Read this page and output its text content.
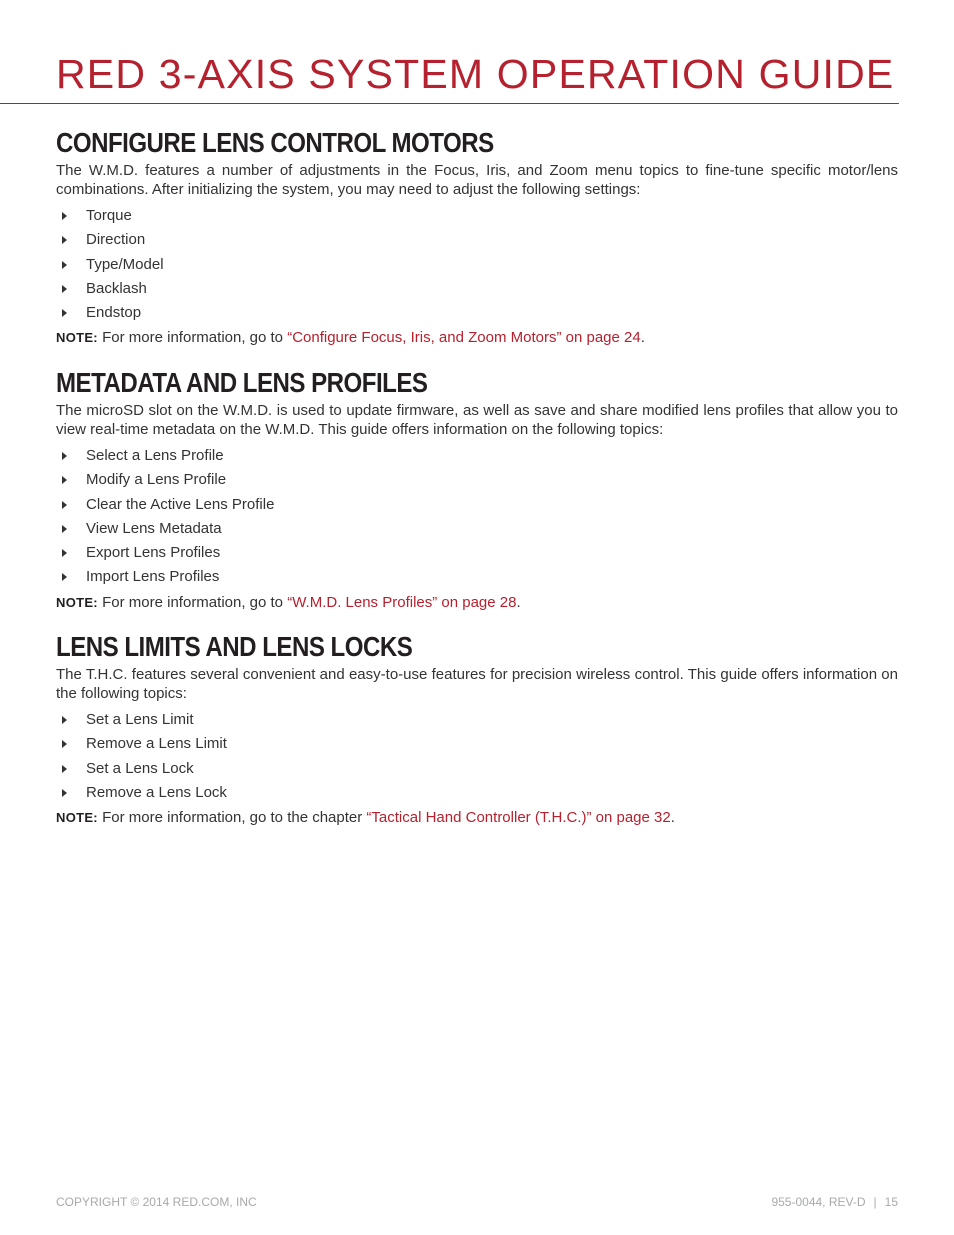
RED 3-AXIS SYSTEM OPERATION GUIDE
CONFIGURE LENS CONTROL MOTORS

The W.M.D. features a number of adjustments in the Focus, Iris, and Zoom menu topics to fine-tune specific motor/lens combinations. After initializing the system, you may need to adjust the following settings:

Torque
Direction
Type/Model
Backlash
Endstop
NOTE: For more information, go to “Configure Focus, Iris, and Zoom Motors” on page 24.
METADATA AND LENS PROFILES

The microSD slot on the W.M.D. is used to update firmware, as well as save and share modified lens profiles that allow you to view real-time metadata on the W.M.D. This guide offers information on the following topics:

Select a Lens Profile
Modify a Lens Profile
Clear the Active Lens Profile
View Lens Metadata
Export Lens Profiles
Import Lens Profiles
NOTE: For more information, go to “W.M.D. Lens Profiles” on page 28.
LENS LIMITS AND LENS LOCKS

The T.H.C. features several convenient and easy-to-use features for precision wireless control. This guide offers information on the following topics:

Set a Lens Limit
Remove a Lens Limit
Set a Lens Lock
Remove a Lens Lock
NOTE: For more information, go to the chapter “Tactical Hand Controller (T.H.C.)” on page 32.
COPYRIGHT © 2014 RED.COM, INC	955-0044, REV-D | 15
